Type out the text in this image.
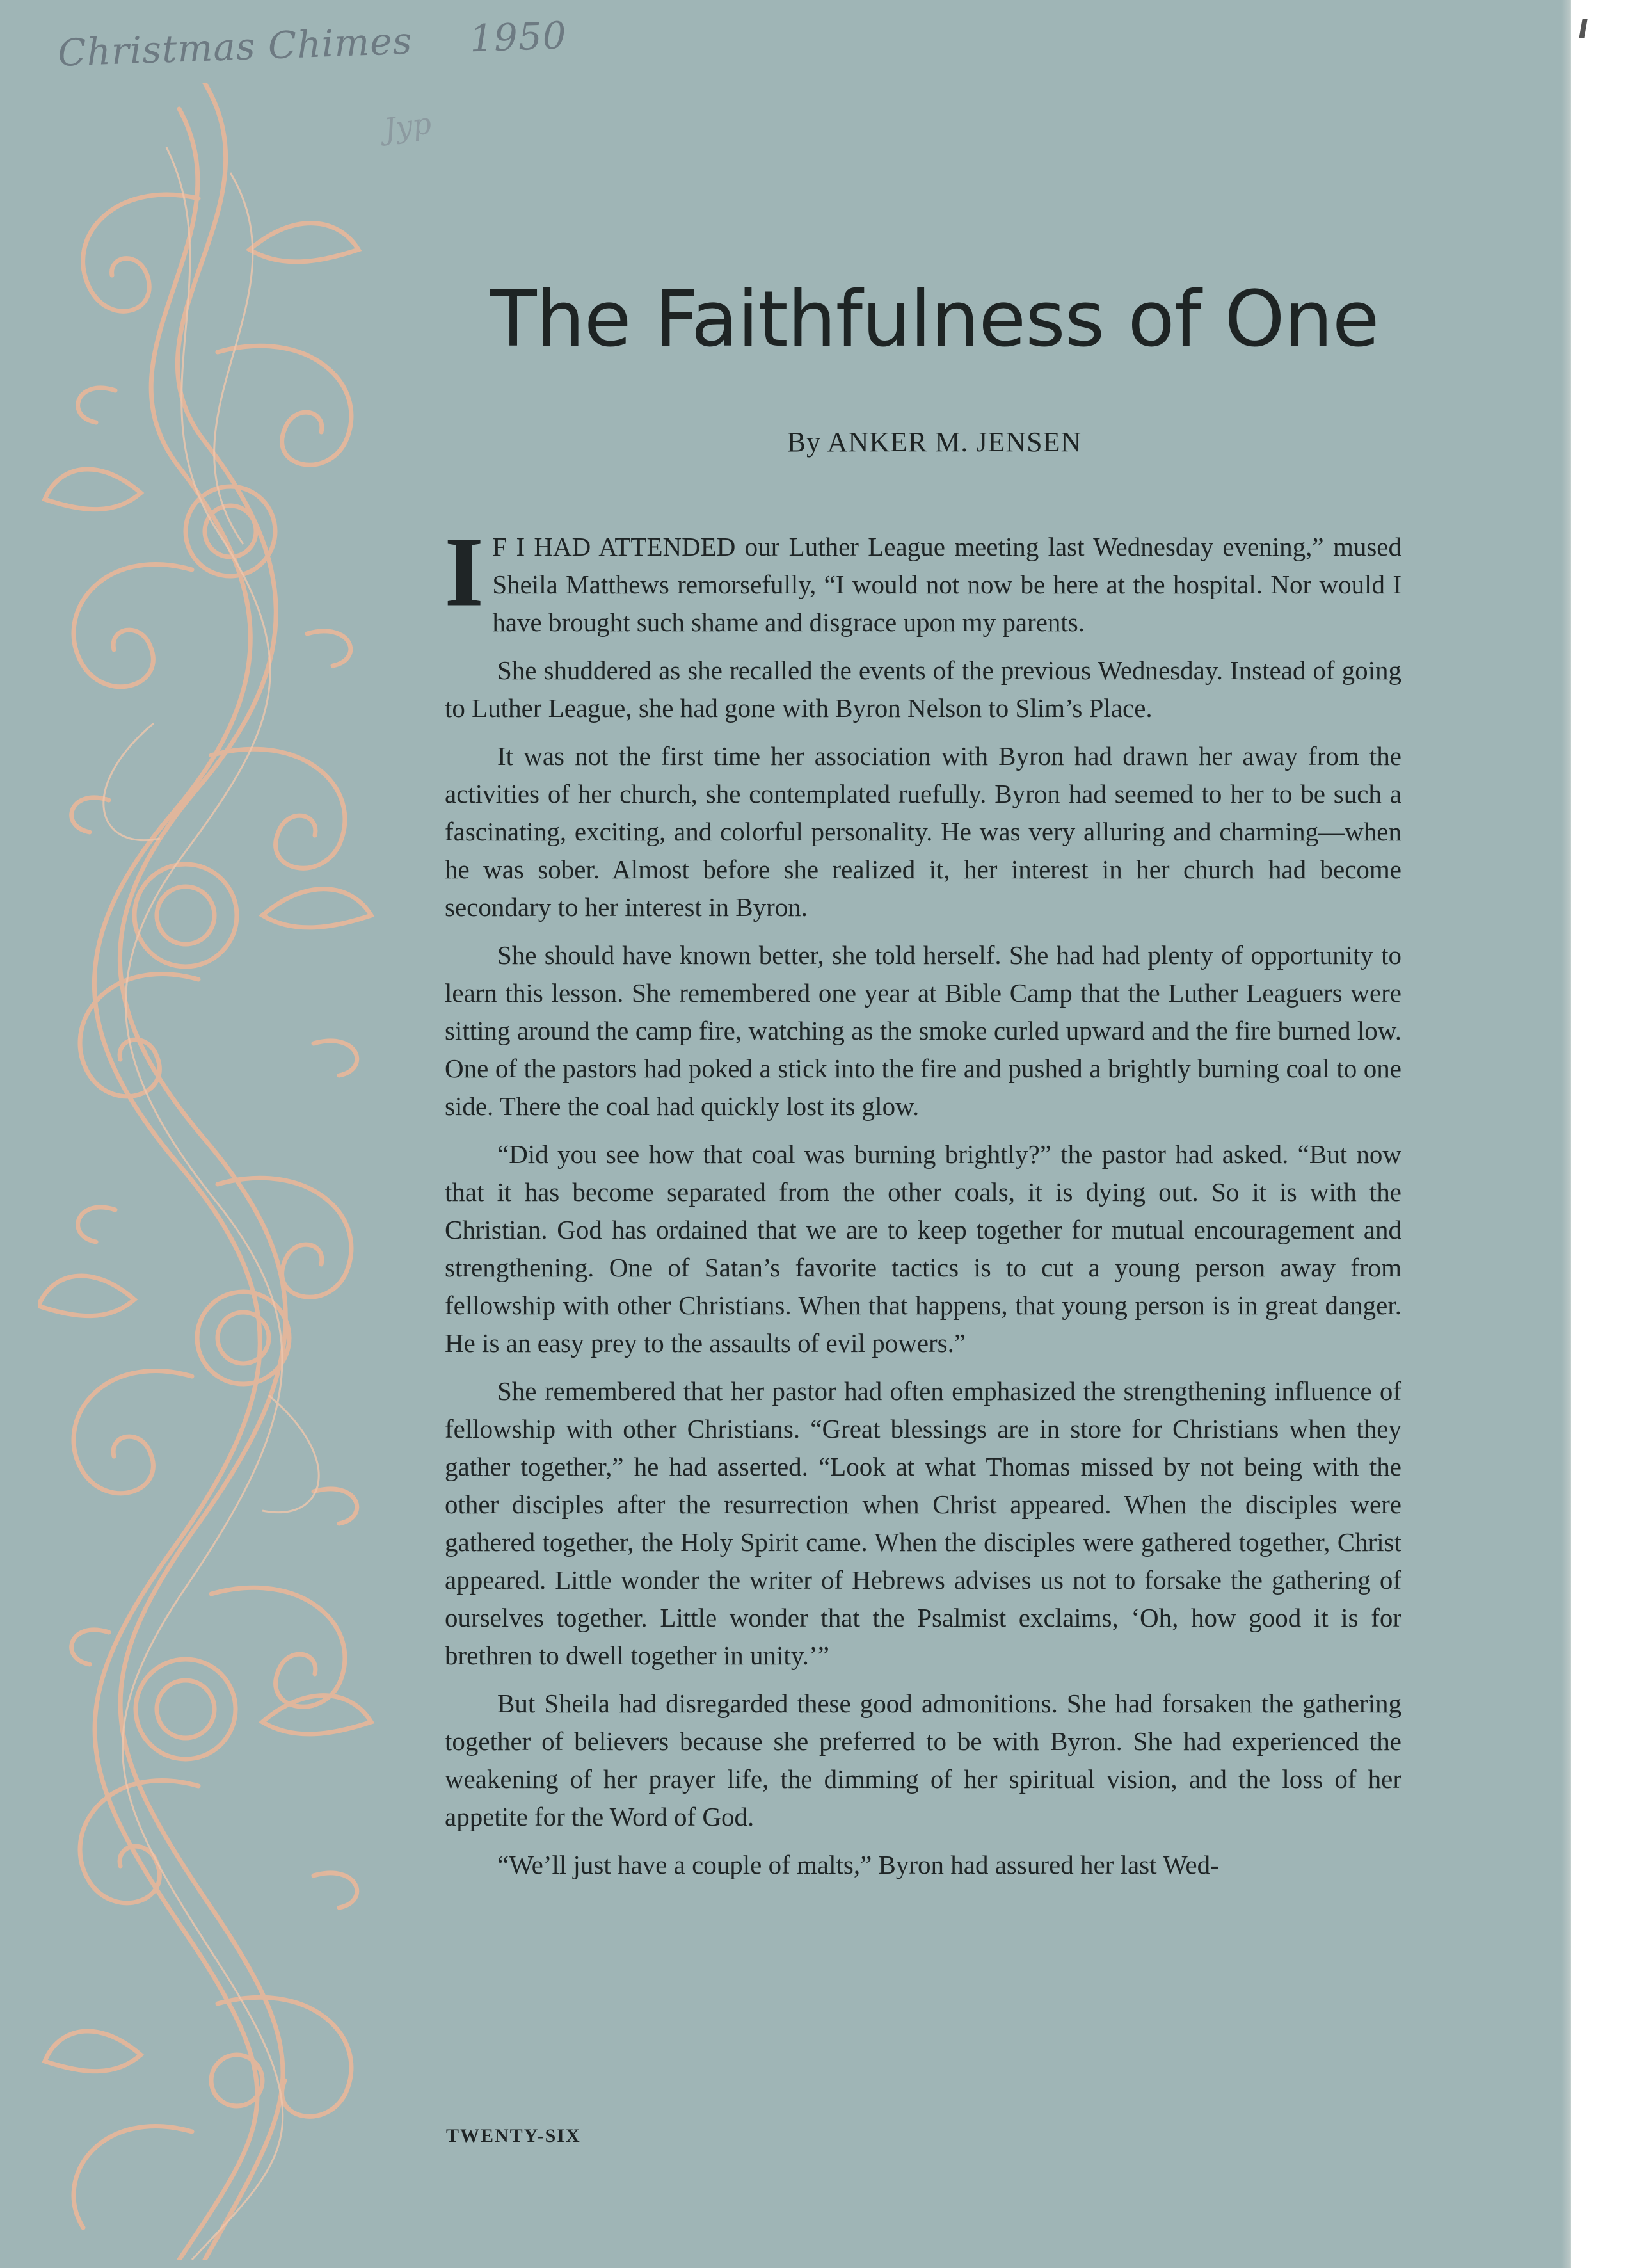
Christmas Chimes 1950
Jyp
The Faithfulness of One
By ANKER M. JENSEN

I F I HAD ATTENDED our Luther League meeting last Wednesday evening,” mused Sheila Matthews remorsefully, “I would not now be here at the hospital. Nor would I have brought such shame and disgrace upon my parents.

She shuddered as she recalled the events of the previous Wednesday. Instead of going to Luther League, she had gone with Byron Nelson to Slim’s Place.

It was not the first time her association with Byron had drawn her away from the activities of her church, she contemplated ruefully. Byron had seemed to her to be such a fascinating, exciting, and colorful personality. He was very alluring and charming—when he was sober. Almost before she realized it, her interest in her church had become secondary to her interest in Byron.

She should have known better, she told herself. She had had plenty of opportunity to learn this lesson. She remembered one year at Bible Camp that the Luther Leaguers were sitting around the camp fire, watching as the smoke curled upward and the fire burned low. One of the pastors had poked a stick into the fire and pushed a brightly burning coal to one side. There the coal had quickly lost its glow.

“Did you see how that coal was burning brightly?” the pastor had asked. “But now that it has become separated from the other coals, it is dying out. So it is with the Christian. God has ordained that we are to keep together for mutual encouragement and strengthening. One of Satan’s favorite tactics is to cut a young person away from fellowship with other Christians. When that happens, that young person is in great danger. He is an easy prey to the assaults of evil powers.”

She remembered that her pastor had often emphasized the strengthening influence of fellowship with other Christians. “Great blessings are in store for Christians when they gather together,” he had asserted. “Look at what Thomas missed by not being with the other disciples after the resurrection when Christ appeared. When the disciples were gathered together, the Holy Spirit came. When the disciples were gathered together, Christ appeared. Little wonder the writer of Hebrews advises us not to forsake the gathering of ourselves together. Little wonder that the Psalmist exclaims, ‘Oh, how good it is for brethren to dwell together in unity.’”

But Sheila had disregarded these good admonitions. She had forsaken the gathering together of believers because she preferred to be with Byron. She had experienced the weakening of her prayer life, the dimming of her spiritual vision, and the loss of her appetite for the Word of God.

“We’ll just have a couple of malts,” Byron had assured her last Wed-

TWENTY-SIX
